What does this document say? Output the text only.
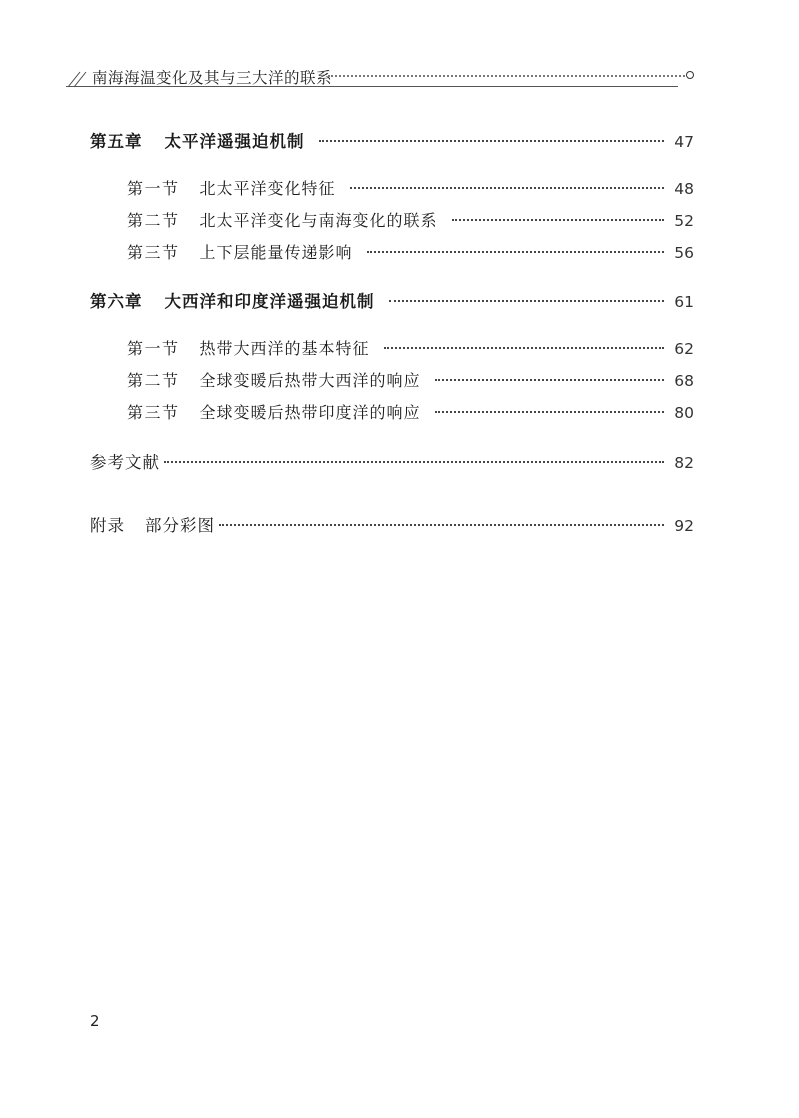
南海海温变化及其与三大洋的联系
第五章 太平洋遥强迫机制	47
第一节 北太平洋变化特征	48
第二节 北太平洋变化与南海变化的联系	52
第三节 上下层能量传递影响	56
第六章 大西洋和印度洋遥强迫机制	61
第一节 热带大西洋的基本特征	62
第二节 全球变暖后热带大西洋的响应	68
第三节 全球变暖后热带印度洋的响应	80
参考文献	82
附录 部分彩图	92
2
